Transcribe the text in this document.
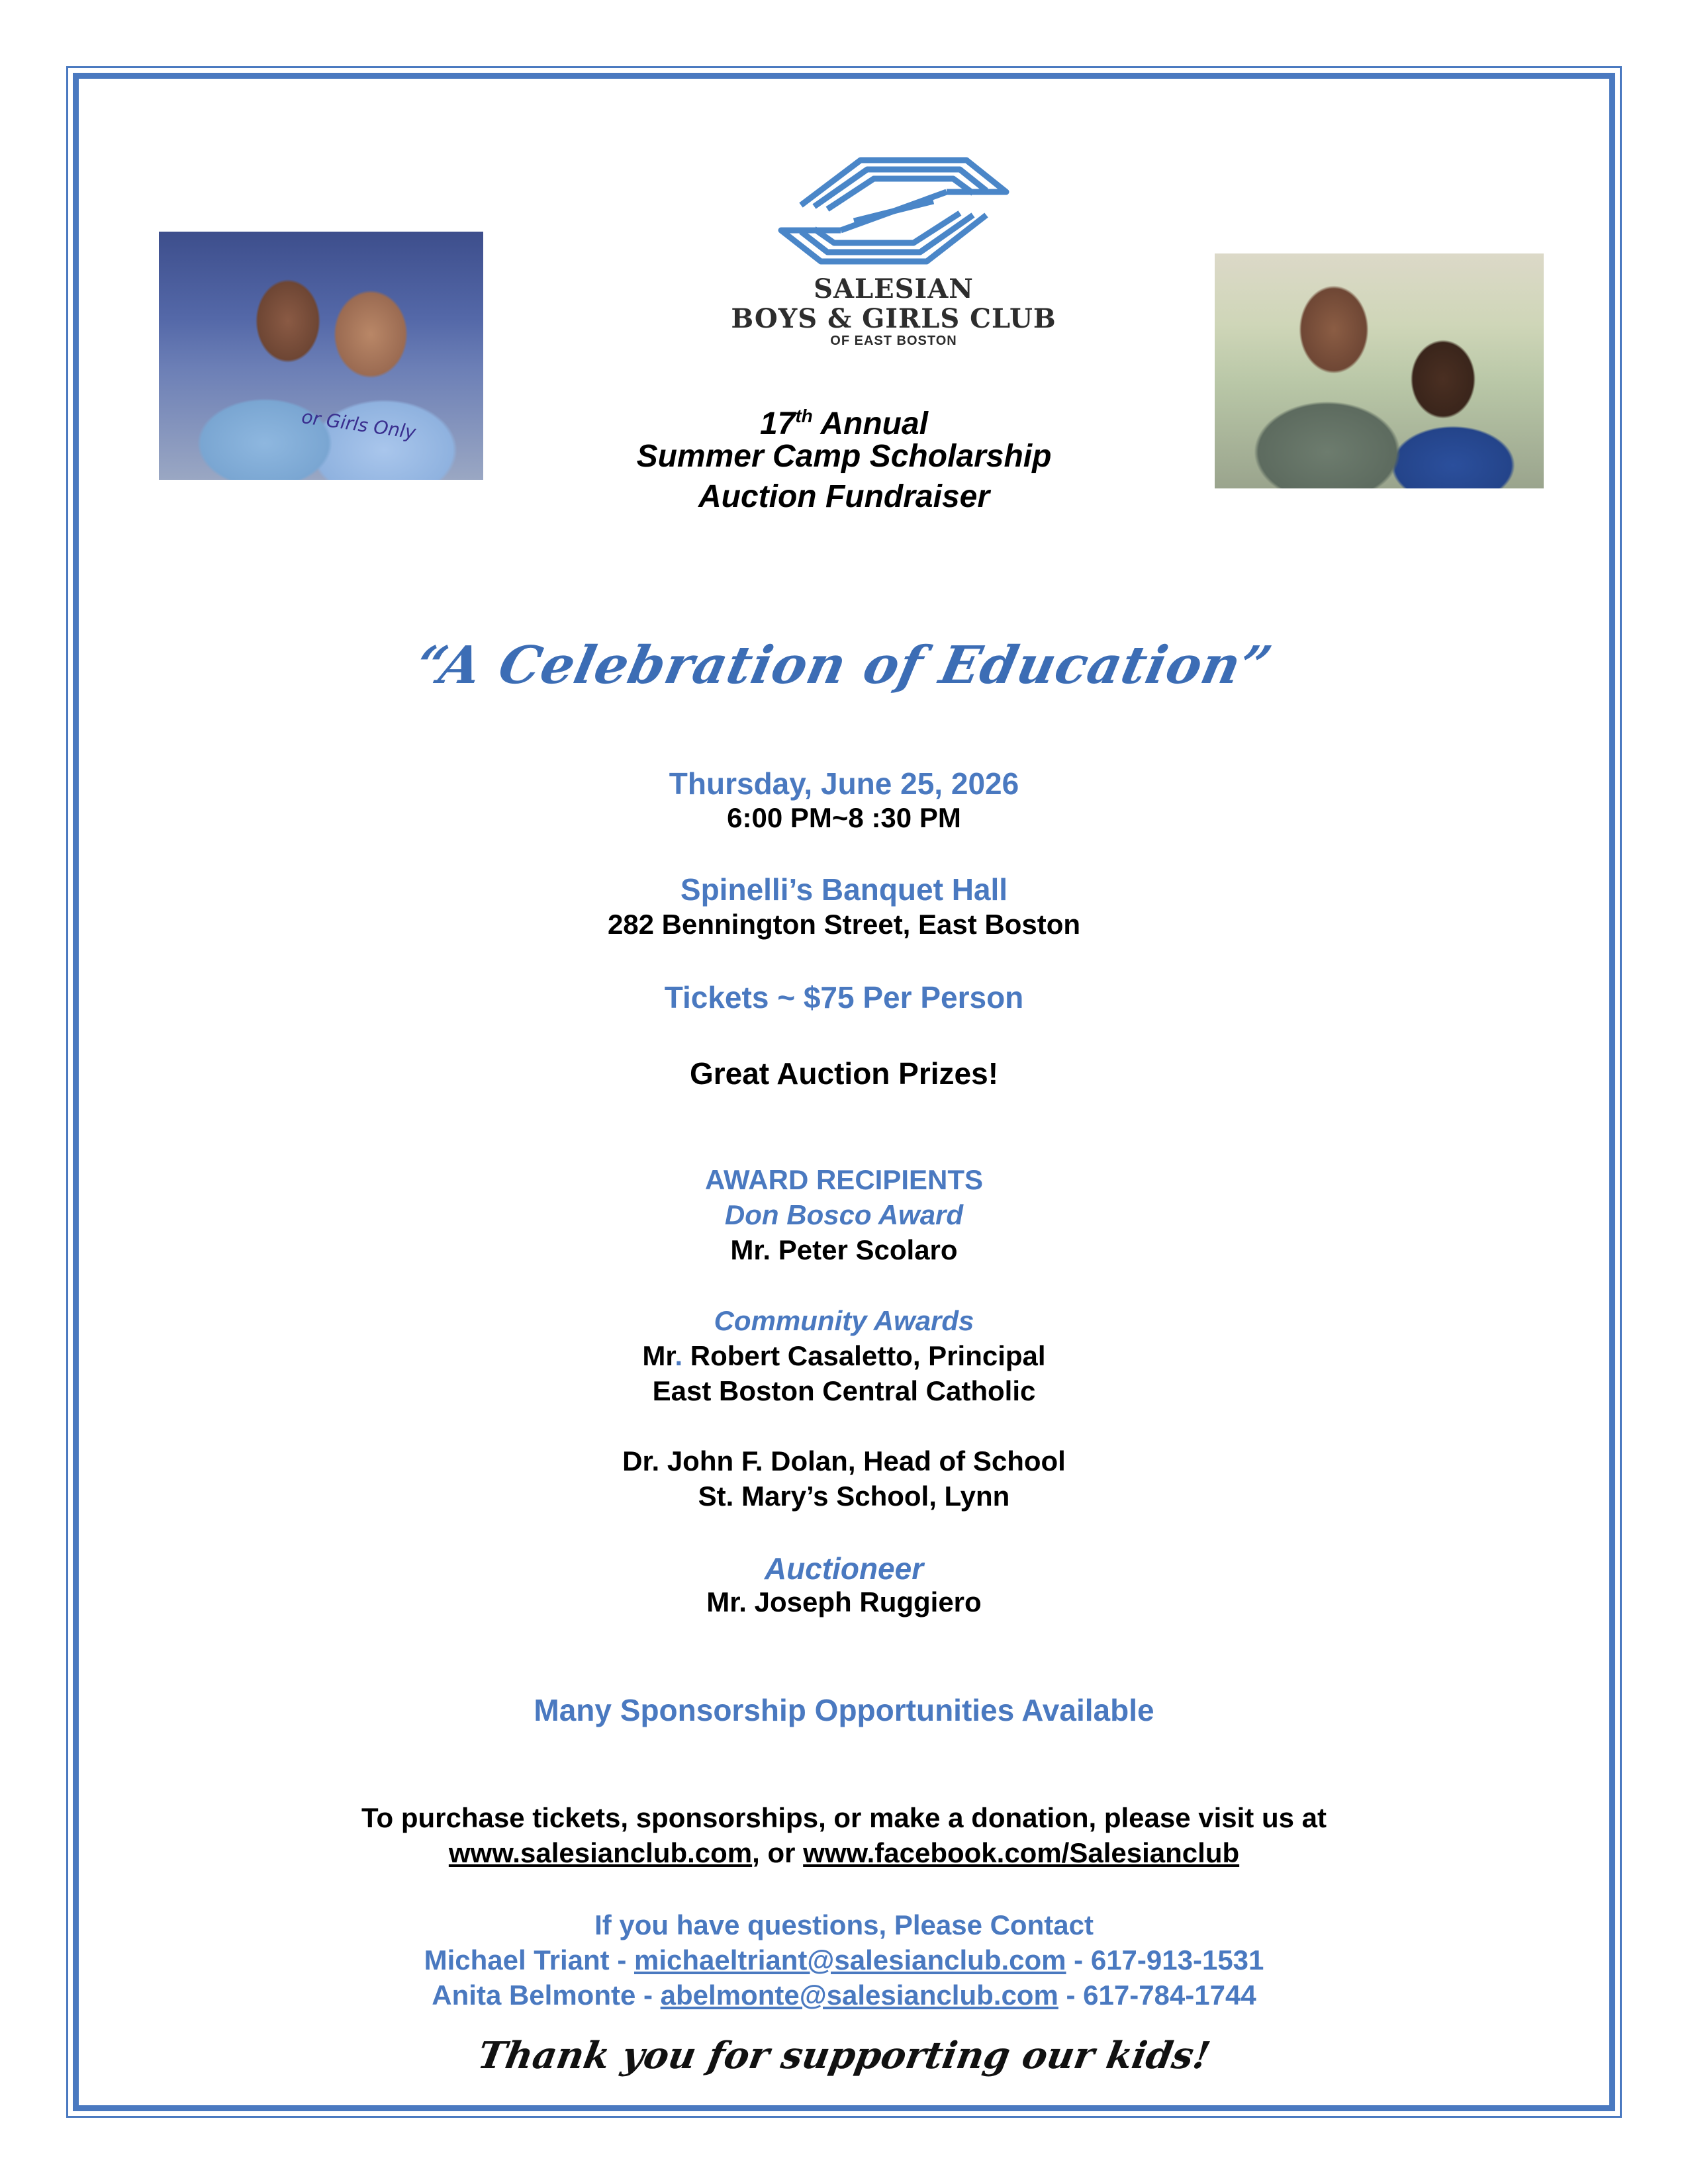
or Girls Only
SALESIAN
BOYS & GIRLS CLUB
OF EAST BOSTON
17th Annual
Summer Camp Scholarship
Auction Fundraiser
“A Celebration of Education”
Thursday, June 25, 2026
6:00 PM~8 :30 PM
Spinelli’s Banquet Hall
282 Bennington Street, East Boston
Tickets ~ $75 Per Person
Great Auction Prizes!
AWARD RECIPIENTS
Don Bosco Award
Mr. Peter Scolaro
Community Awards
Mr. Robert Casaletto, Principal
East Boston Central Catholic
Dr. John F. Dolan, Head of School
St. Mary’s School, Lynn
Auctioneer
Mr. Joseph Ruggiero
Many Sponsorship Opportunities Available
To purchase tickets, sponsorships, or make a donation, please visit us at
www.salesianclub.com, or www.facebook.com/Salesianclub
If you have questions, Please Contact
Michael Triant - michaeltriant@salesianclub.com - 617-913-1531
Anita Belmonte - abelmonte@salesianclub.com - 617-784-1744
Thank you for supporting our kids!
